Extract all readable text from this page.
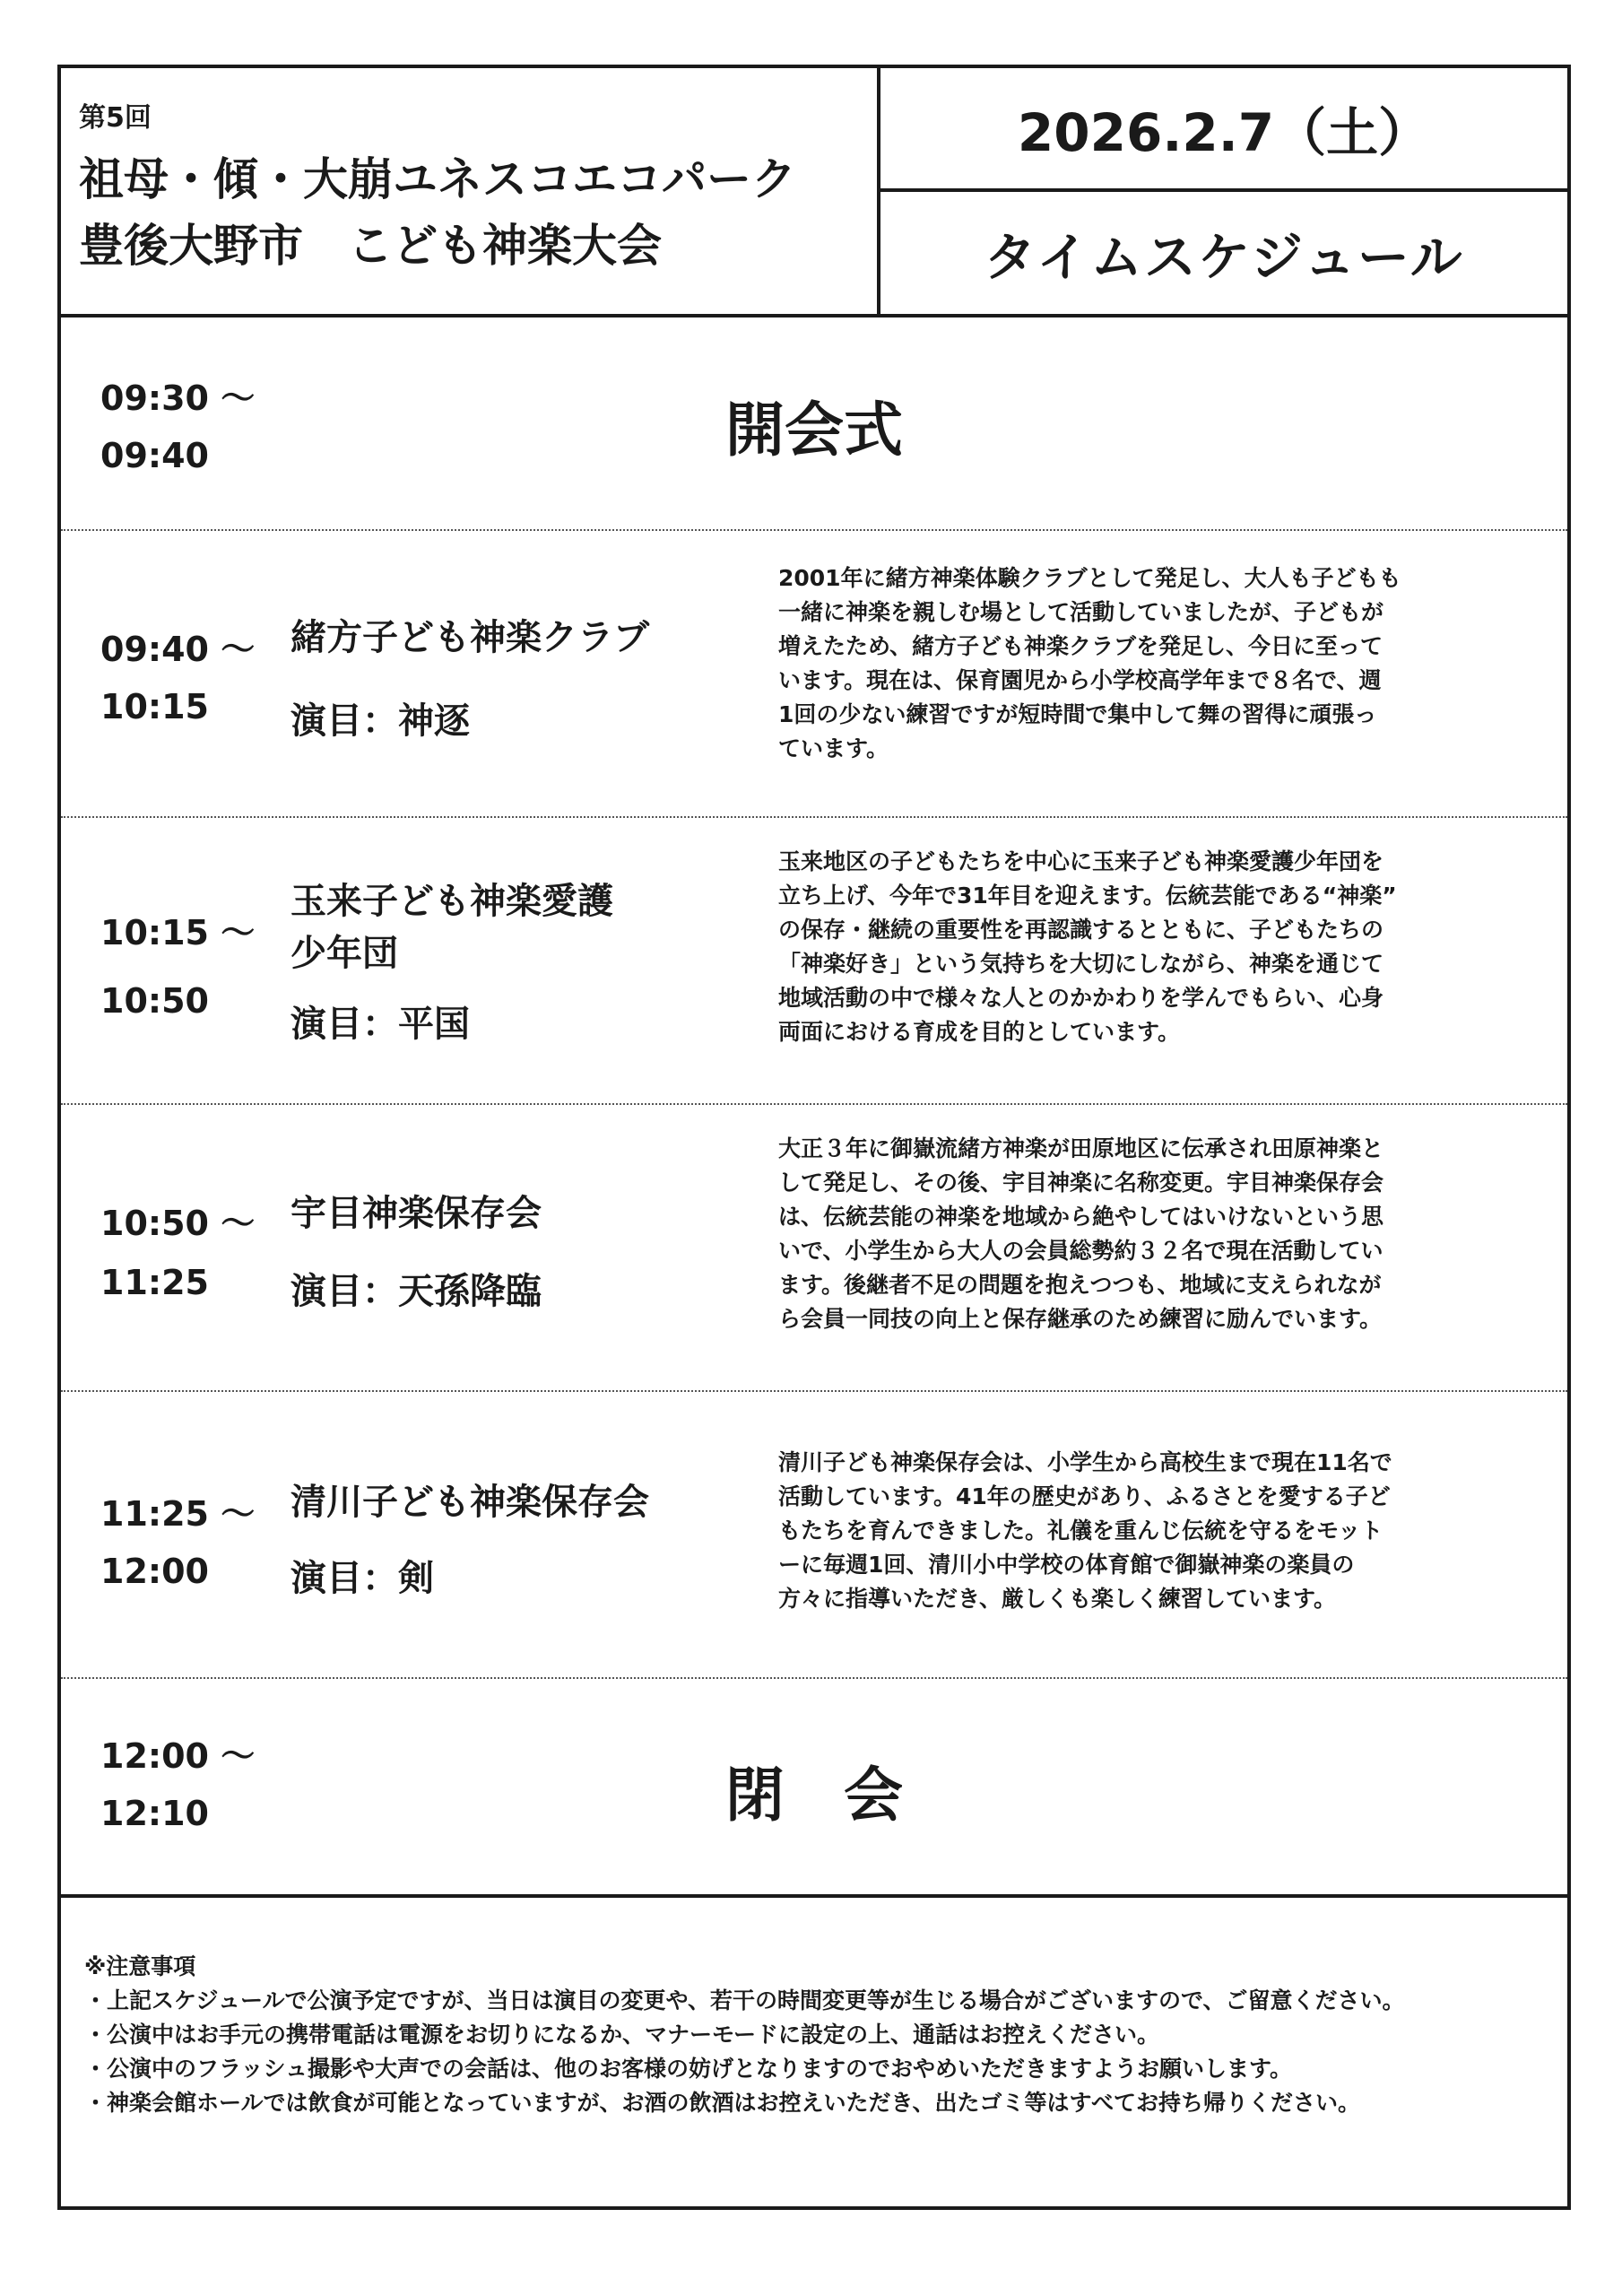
第5回
祖母・傾・大崩ユネスコエコパーク
豊後大野市　こども神楽大会
2026.2.7（土）
タイムスケジュール
09:30 ～
09:40	開会式
09:40 ～
10:15
緒方子ども神楽クラブ
演目：神逐
2001年に緒方神楽体験クラブとして発足し、大人も子どもも
一緒に神楽を親しむ場として活動していましたが、子どもが
増えたため、緒方子ども神楽クラブを発足し、今日に至って
います。現在は、保育園児から小学校高学年まで８名で、週
1回の少ない練習ですが短時間で集中して舞の習得に頑張っ
ています。
10:15 ～
10:50
玉来子ども神楽愛護
少年団
演目：平国
玉来地区の子どもたちを中心に玉来子ども神楽愛護少年団を
立ち上げ、今年で31年目を迎えます。伝統芸能である“神楽”
の保存・継続の重要性を再認識するとともに、子どもたちの
「神楽好き」という気持ちを大切にしながら、神楽を通じて
地域活動の中で様々な人とのかかわりを学んでもらい、心身
両面における育成を目的としています。
10:50 ～
11:25
宇目神楽保存会
演目：天孫降臨
大正３年に御嶽流緒方神楽が田原地区に伝承され田原神楽と
して発足し、その後、宇目神楽に名称変更。宇目神楽保存会
は、伝統芸能の神楽を地域から絶やしてはいけないという思
いで、小学生から大人の会員総勢約３２名で現在活動してい
ます。後継者不足の問題を抱えつつも、地域に支えられなが
ら会員一同技の向上と保存継承のため練習に励んでいます。
11:25 ～
12:00
清川子ども神楽保存会
演目：剣
清川子ども神楽保存会は、小学生から高校生まで現在11名で
活動しています。41年の歴史があり、ふるさとを愛する子ど
もたちを育んできました。礼儀を重んじ伝統を守るをモット
ーに毎週1回、清川小中学校の体育館で御嶽神楽の楽員の
方々に指導いただき、厳しくも楽しく練習しています。
12:00 ～
12:10	閉　会
※注意事項
・上記スケジュールで公演予定ですが、当日は演目の変更や、若干の時間変更等が生じる場合がございますので、ご留意ください。
・公演中はお手元の携帯電話は電源をお切りになるか、マナーモードに設定の上、通話はお控えください。
・公演中のフラッシュ撮影や大声での会話は、他のお客様の妨げとなりますのでおやめいただきますようお願いします。
・神楽会館ホールでは飲食が可能となっていますが、お酒の飲酒はお控えいただき、出たゴミ等はすべてお持ち帰りください。
